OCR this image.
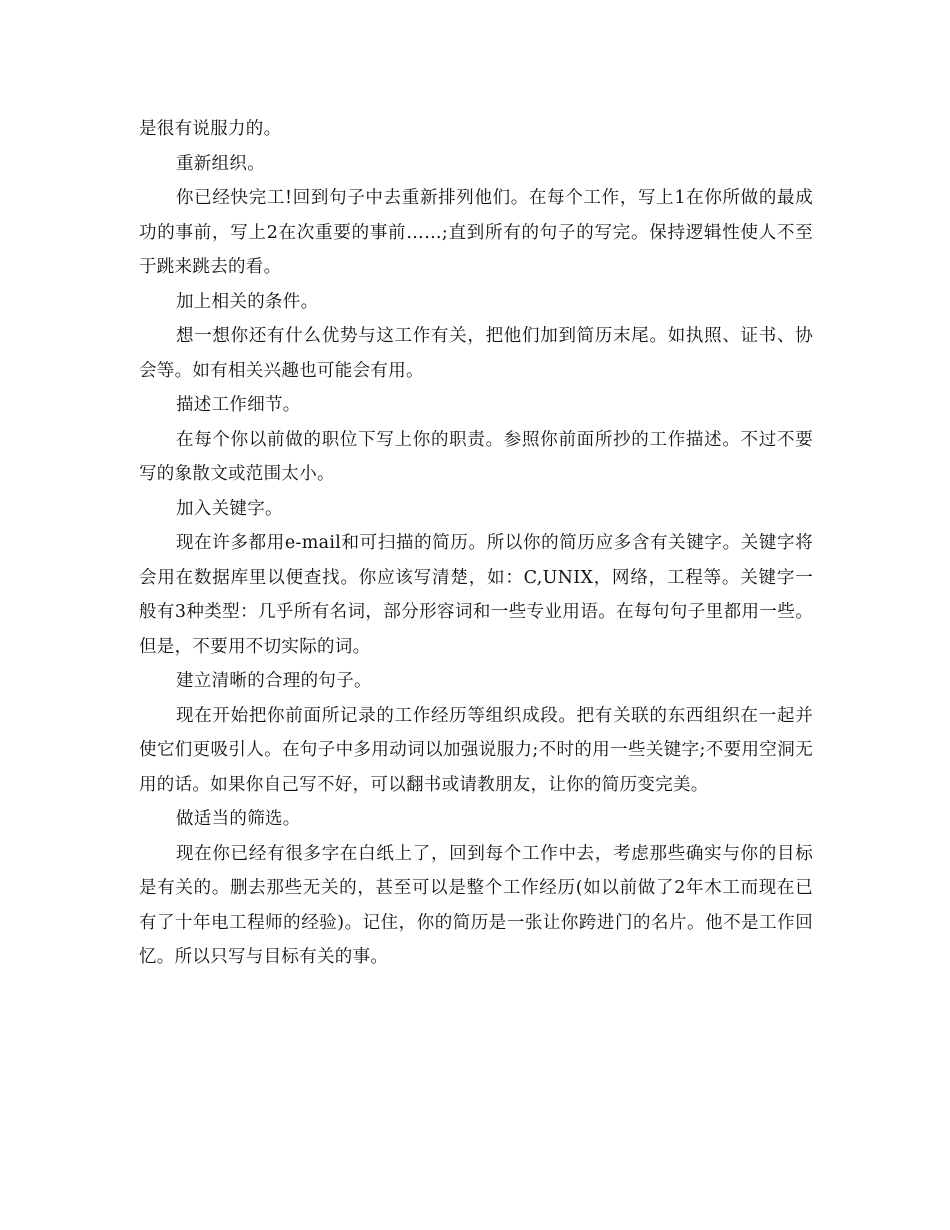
是很有说服力的。

重新组织。

你已经快完工!回到句子中去重新排列他们。在每个工作，写上1在你所做的最成功的事前，写上2在次重要的事前……;直到所有的句子的写完。保持逻辑性使人不至于跳来跳去的看。

加上相关的条件。

想一想你还有什么优势与这工作有关，把他们加到简历末尾。如执照、证书、协会等。如有相关兴趣也可能会有用。

描述工作细节。

在每个你以前做的职位下写上你的职责。参照你前面所抄的工作描述。不过不要写的象散文或范围太小。

加入关键字。

现在许多都用e-mail和可扫描的简历。所以你的简历应多含有关键字。关键字将会用在数据库里以便查找。你应该写清楚，如：C,UNIX，网络，工程等。关键字一般有3种类型：几乎所有名词，部分形容词和一些专业用语。在每句句子里都用一些。但是，不要用不切实际的词。

建立清晰的合理的句子。

现在开始把你前面所记录的工作经历等组织成段。把有关联的东西组织在一起并使它们更吸引人。在句子中多用动词以加强说服力;不时的用一些关键字;不要用空洞无用的话。如果你自己写不好，可以翻书或请教朋友，让你的简历变完美。

做适当的筛选。

现在你已经有很多字在白纸上了，回到每个工作中去，考虑那些确实与你的目标是有关的。删去那些无关的，甚至可以是整个工作经历(如以前做了2年木工而现在已有了十年电工程师的经验)。记住，你的简历是一张让你跨进门的名片。他不是工作回忆。所以只写与目标有关的事。
